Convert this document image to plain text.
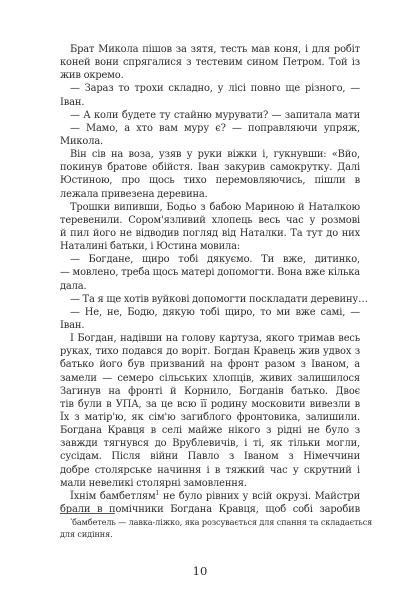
Брат Микола пішов за зятя, тесть мав коня, і для робіт
коней вони спрягалися з тестевим сином Петром. Той із
жив окремо.
— Зараз то трохи складно, у лісі повно ще різного, —
Іван.
— А коли будете ту стайню мурувати? — запитала мати
— Мамо, а хто вам муру є? — поправляючи упряж,
Микола.
Він сів на воза, узяв у руки віжки і, гукнувши: «Вйо,
покинув братове обійстя. Іван закурив самокрутку. Далі
Юстиною, про щось тихо перемовляючись, пішли в
лежала привезена деревина.
Трошки випивши, Бодьо з бабою Мариною й Наталкою
теревенили. Сором'язливий хлопець весь час у розмові
й пил його не відводив погляд від Наталки. Та тут до них
Наталині батьки, і Юстина мовила:
— Богдане, щиро тобі дякуємо. Ти вже, дитинко,
— мовлено, треба щось матері допомогти. Вона вже кілька
дала.
— Та я ще хотів вуйкові допомогти поскладати деревину…
— Не, не, Бодю, дякую тобі щиро, то ми вже самі, —
Іван.
І Богдан, надівши на голову картуза, якого тримав весь
руках, тихо подався до воріт. Богдан Кравець жив удвох з
батько його був призваний на фронт разом з Іваном, а
замели — семеро сільських хлопців, живих залишилося
Загинув на фронті й Корнило, Богданів батько. Двоє
тів були в УПА, за це всю її родину московити вивезли в
Їх з матір'ю, як сім'ю загиблого фронтовика, залишили.
Богдана Кравця в селі майже нікого з рідні не було з
завжди тягнувся до Врублевичів, і ті, як тільки могли,
сусідам. Після війни Павло з Іваном з Німеччини
добре столярське начиння і в тяжкий час у скрутний і
мали невеликі столярні замовлення.
Їхнім бамбетлям$^1$ не було рівних у всій окрузі. Майстри
брали в помічники Богдана Кравця, щоб собі заробив
$^{^1}$бамбетель — лавка-ліжко, яка розсувається для спання та складається
для сидіння.
10
